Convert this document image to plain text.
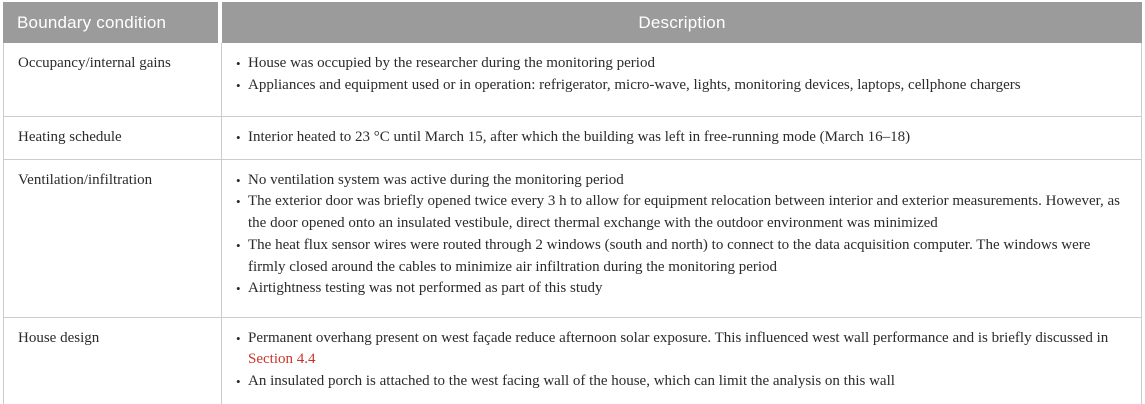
Boundary condition	Description
Occupancy/internal gains	• House was occupied by the researcher during the monitoring period
• Appliances and equipment used or in operation: refrigerator, micro-wave, lights, monitoring devices, laptops, cellphone chargers
Heating schedule	• Interior heated to 23 °C until March 15, after which the building was left in free-running mode (March 16–18)
Ventilation/infiltration	• No ventilation system was active during the monitoring period
• The exterior door was briefly opened twice every 3 h to allow for equipment relocation between interior and exterior measurements. However, as the door opened onto an insulated vestibule, direct thermal exchange with the outdoor environment was minimized
• The heat flux sensor wires were routed through 2 windows (south and north) to connect to the data acquisition computer. The windows were firmly closed around the cables to minimize air infiltration during the monitoring period
• Airtightness testing was not performed as part of this study
House design	• Permanent overhang present on west façade reduce afternoon solar exposure. This influenced west wall performance and is briefly discussed in Section 4.4
• An insulated porch is attached to the west facing wall of the house, which can limit the analysis on this wall
